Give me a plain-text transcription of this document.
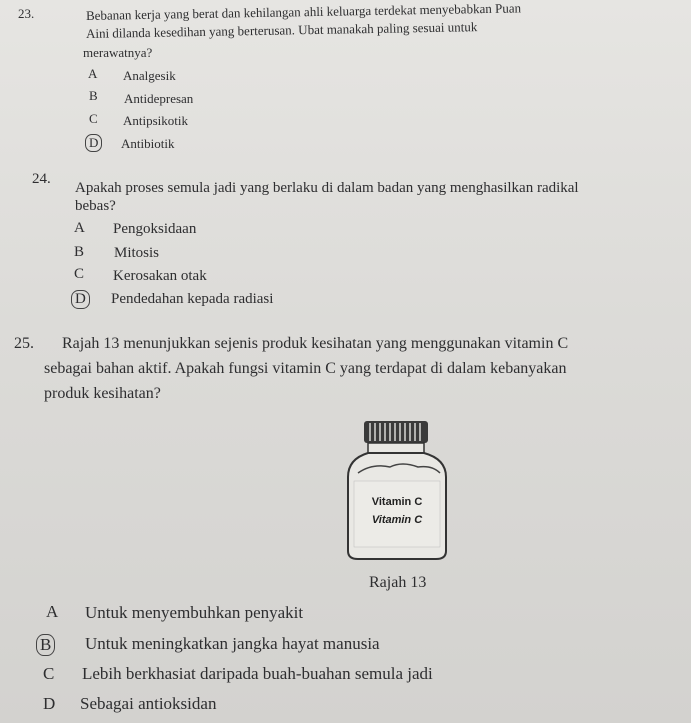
23.	Bebanan kerja yang berat dan kehilangan ahli keluarga terdekat menyebabkan Puan
Aini dilanda kesedihan yang berterusan. Ubat manakah paling sesuai untuk
merawatnya?
A Analgesik
B Antidepresan
C Antipsikotik
D	Antibiotik
24.
Apakah proses semula jadi yang berlaku di dalam badan yang menghasilkan radikal
bebas?
A Pengoksidaan
B Mitosis
C Kerosakan otak
D Pendedahan kepada radiasi
25. Rajah 13 menunjukkan sejenis produk kesihatan yang menggunakan vitamin C
sebagai bahan aktif. Apakah fungsi vitamin C yang terdapat di dalam kebanyakan
produk kesihatan?
Vitamin C
Vitamin C
Rajah 13
A Untuk menyembuhkan penyakit
B Untuk meningkatkan jangka hayat manusia
C Lebih berkhasiat daripada buah-buahan semula jadi
D Sebagai antioksidan
